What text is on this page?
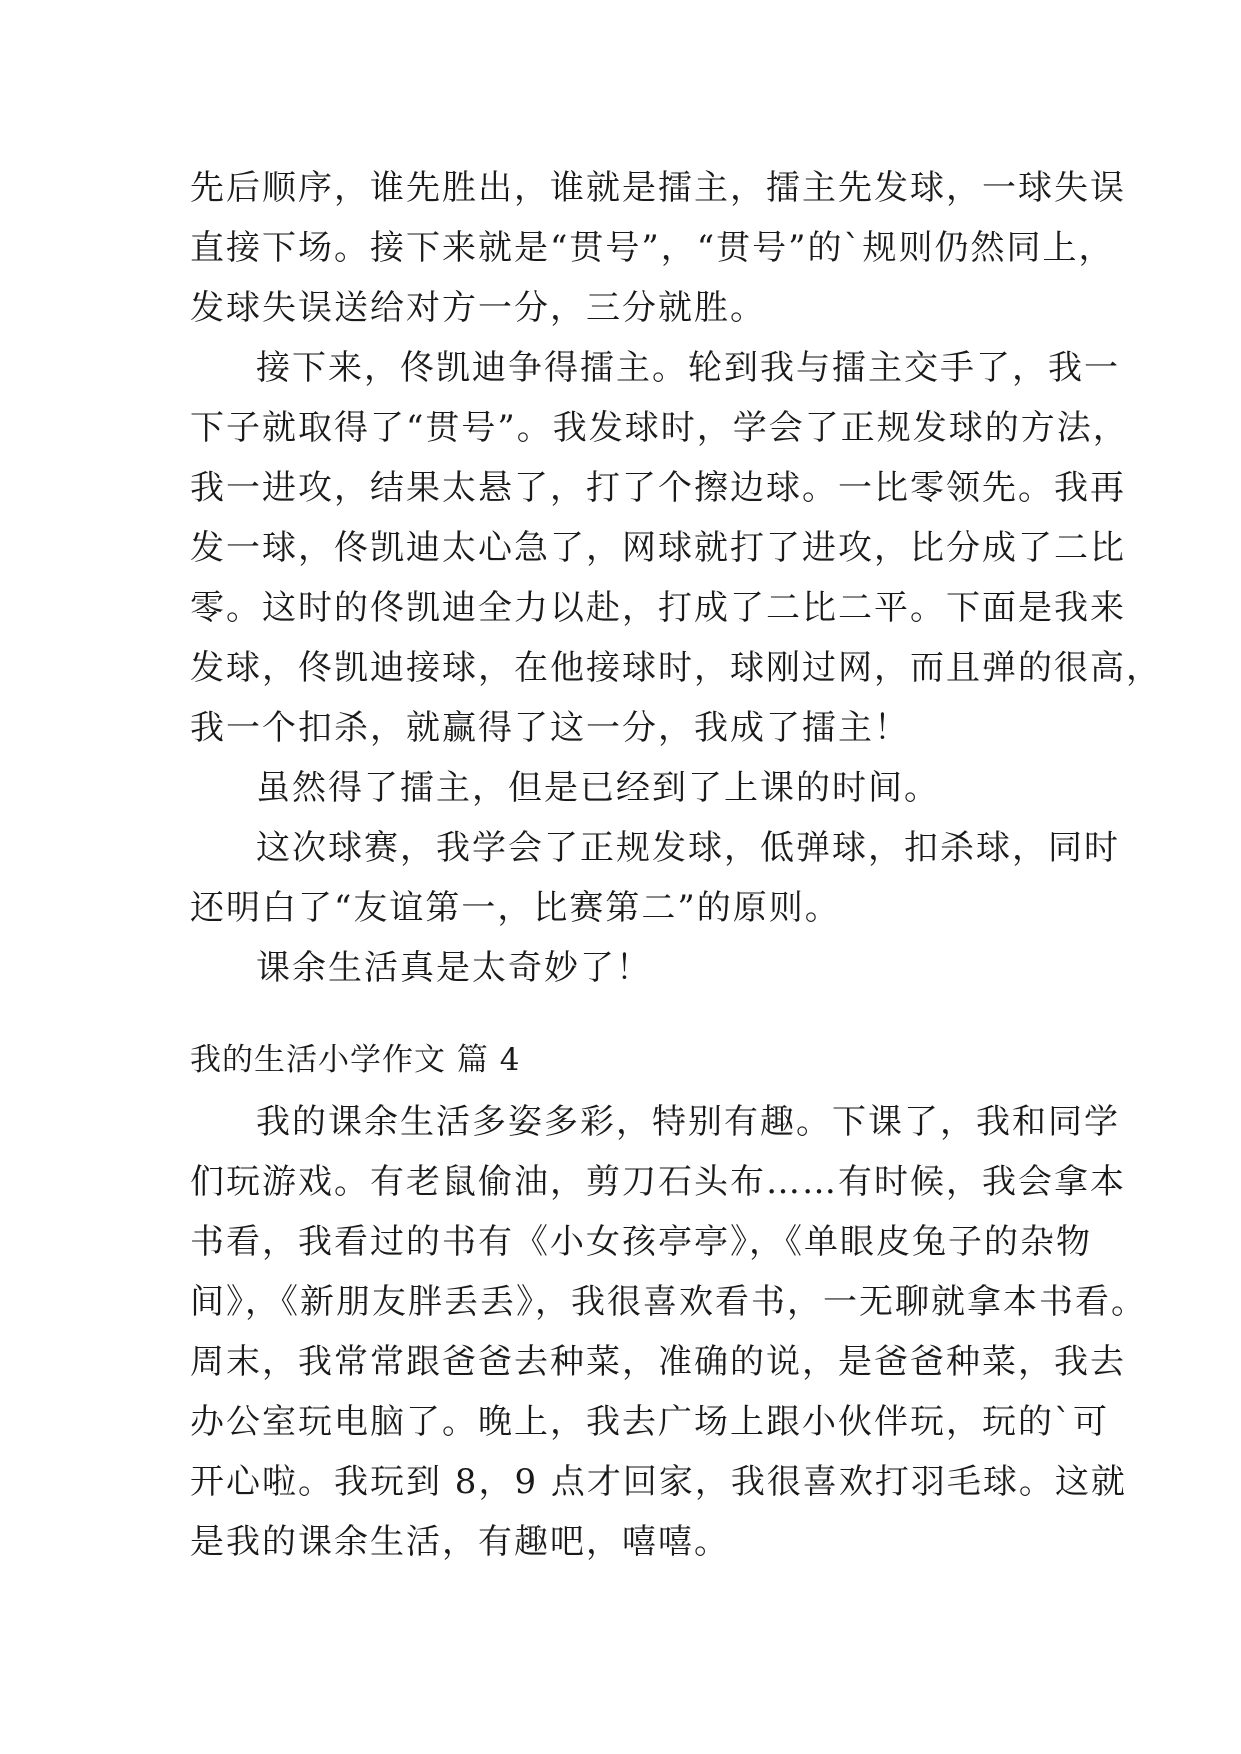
先后顺序，谁先胜出，谁就是擂主，擂主先发球，一球失误
直接下场。接下来就是“贯号”，“贯号”的`规则仍然同上，
发球失误送给对方一分，三分就胜。
接下来，佟凯迪争得擂主。轮到我与擂主交手了，我一
下子就取得了“贯号”。我发球时，学会了正规发球的方法，
我一进攻，结果太悬了，打了个擦边球。一比零领先。我再
发一球，佟凯迪太心急了，网球就打了进攻，比分成了二比
零。这时的佟凯迪全力以赴，打成了二比二平。下面是我来
发球，佟凯迪接球，在他接球时，球刚过网，而且弹的很高，
我一个扣杀，就赢得了这一分，我成了擂主！
虽然得了擂主，但是已经到了上课的时间。
这次球赛，我学会了正规发球，低弹球，扣杀球，同时
还明白了“友谊第一，比赛第二”的原则。
课余生活真是太奇妙了！
我的生活小学作文 篇 4
我的课余生活多姿多彩，特别有趣。下课了，我和同学
们玩游戏。有老鼠偷油，剪刀石头布……有时候，我会拿本
书看，我看过的书有《小女孩亭亭》，《单眼皮兔子的杂物
间》，《新朋友胖丢丢》，我很喜欢看书，一无聊就拿本书看。
周末，我常常跟爸爸去种菜，准确的说，是爸爸种菜，我去
办公室玩电脑了。晚上，我去广场上跟小伙伴玩，玩的`可
开心啦。我玩到 8，9 点才回家，我很喜欢打羽毛球。这就
是我的课余生活，有趣吧，嘻嘻。
